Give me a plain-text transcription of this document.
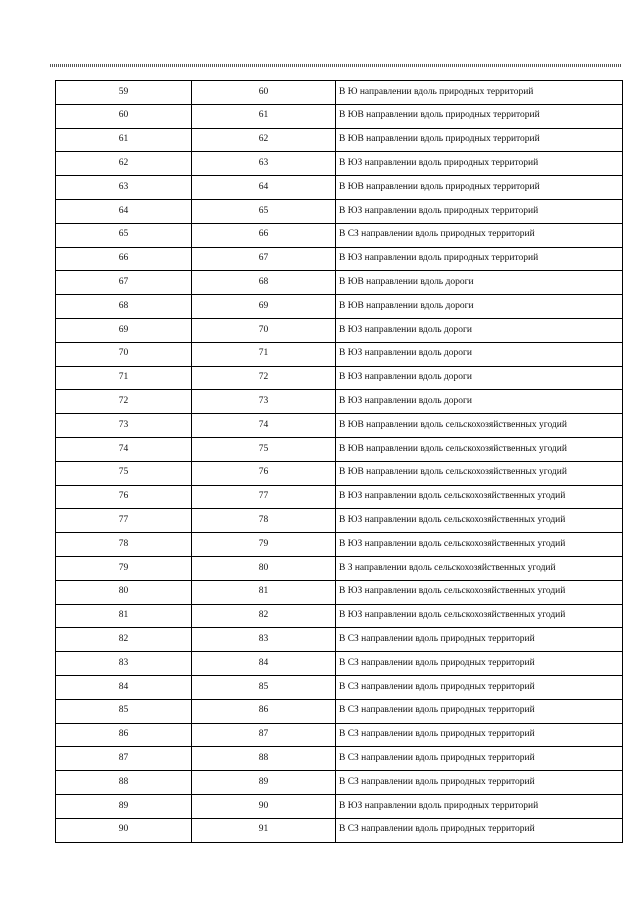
59	60	В Ю направлении вдоль природных территорий
60	61	В ЮВ направлении вдоль природных территорий
61	62	В ЮВ направлении вдоль природных территорий
62	63	В ЮЗ направлении вдоль природных территорий
63	64	В ЮВ направлении вдоль природных территорий
64	65	В ЮЗ направлении вдоль природных территорий
65	66	В СЗ направлении вдоль природных территорий
66	67	В ЮЗ направлении вдоль природных территорий
67	68	В ЮВ направлении вдоль дороги
68	69	В ЮВ направлении вдоль дороги
69	70	В ЮЗ направлении вдоль дороги
70	71	В ЮЗ направлении вдоль дороги
71	72	В ЮЗ направлении вдоль дороги
72	73	В ЮЗ направлении вдоль дороги
73	74	В ЮВ направлении вдоль сельскохозяйственных угодий
74	75	В ЮВ направлении вдоль сельскохозяйственных угодий
75	76	В ЮВ направлении вдоль сельскохозяйственных угодий
76	77	В ЮЗ направлении вдоль сельскохозяйственных угодий
77	78	В ЮЗ направлении вдоль сельскохозяйственных угодий
78	79	В ЮЗ направлении вдоль сельскохозяйственных угодий
79	80	В З направлении вдоль сельскохозяйственных угодий
80	81	В ЮЗ направлении вдоль сельскохозяйственных угодий
81	82	В ЮЗ направлении вдоль сельскохозяйственных угодий
82	83	В СЗ направлении вдоль природных территорий
83	84	В СЗ направлении вдоль природных территорий
84	85	В СЗ направлении вдоль природных территорий
85	86	В СЗ направлении вдоль природных территорий
86	87	В СЗ направлении вдоль природных территорий
87	88	В СЗ направлении вдоль природных территорий
88	89	В СЗ направлении вдоль природных территорий
89	90	В ЮЗ направлении вдоль природных территорий
90	91	В СЗ направлении вдоль природных территорий
